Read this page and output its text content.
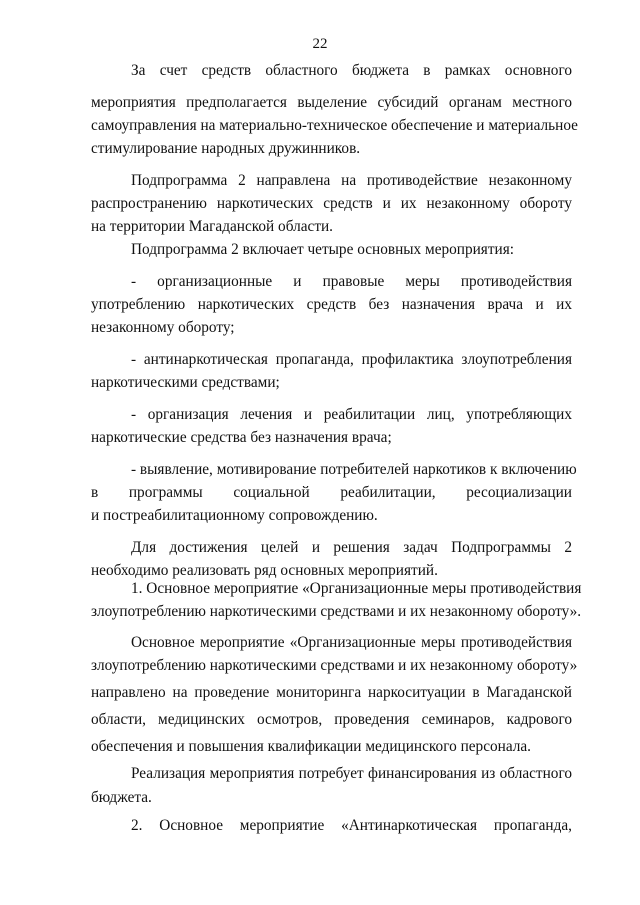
22
За счет средств областного бюджета в рамках основного
мероприятия предполагается выделение субсидий органам местного
самоуправления на материально-техническое обеспечение и материальное
стимулирование народных дружинников.
Подпрограмма 2 направлена на противодействие незаконному
распространению наркотических средств и их незаконному обороту
на территории Магаданской области.
Подпрограмма 2 включает четыре основных мероприятия:
- организационные и правовые меры противодействия
употреблению наркотических средств без назначения врача и их
незаконному обороту;
- антинаркотическая пропаганда, профилактика злоупотребления
наркотическими средствами;
- организация лечения и реабилитации лиц, употребляющих
наркотические средства без назначения врача;
- выявление, мотивирование потребителей наркотиков к включению
в программы социальной реабилитации, ресоциализации
и постреабилитационному сопровождению.
Для достижения целей и решения задач Подпрограммы 2
необходимо реализовать ряд основных мероприятий.
1. Основное мероприятие «Организационные меры противодействия
злоупотреблению наркотическими средствами и их незаконному обороту».
Основное мероприятие «Организационные меры противодействия
злоупотреблению наркотическими средствами и их незаконному обороту»
направлено на проведение мониторинга наркоситуации в Магаданской
области, медицинских осмотров, проведения семинаров, кадрового
обеспечения и повышения квалификации медицинского персонала.
Реализация мероприятия потребует финансирования из областного
бюджета.
2. Основное мероприятие «Антинаркотическая пропаганда,
